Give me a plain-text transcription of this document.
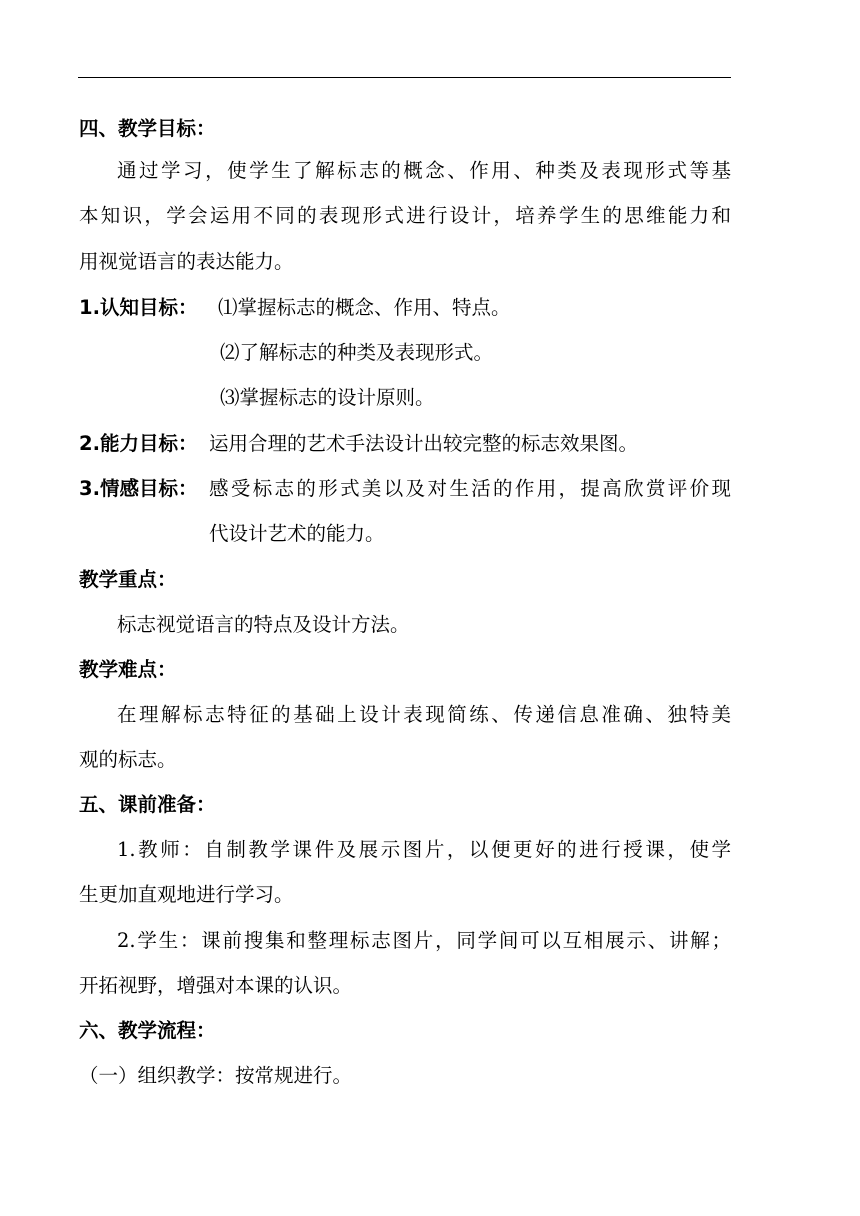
四、教学目标：
通过学习，使学生了解标志的概念、作用、种类及表现形式等基
本知识，学会运用不同的表现形式进行设计，培养学生的思维能力和
用视觉语言的表达能力。
1.认知目标： ⑴掌握标志的概念、作用、特点。
⑵了解标志的种类及表现形式。
⑶掌握标志的设计原则。
2.能力目标： 运用合理的艺术手法设计出较完整的标志效果图。
3.情感目标： 感受标志的形式美以及对生活的作用，提高欣赏评价现
代设计艺术的能力。
教学重点：
标志视觉语言的特点及设计方法。
教学难点：
在理解标志特征的基础上设计表现简练、传递信息准确、独特美
观的标志。
五、课前准备：
1.教师：自制教学课件及展示图片，以便更好的进行授课，使学
生更加直观地进行学习。
2.学生：课前搜集和整理标志图片，同学间可以互相展示、讲解；
开拓视野，增强对本课的认识。
六、教学流程：
（一）组织教学：按常规进行。
